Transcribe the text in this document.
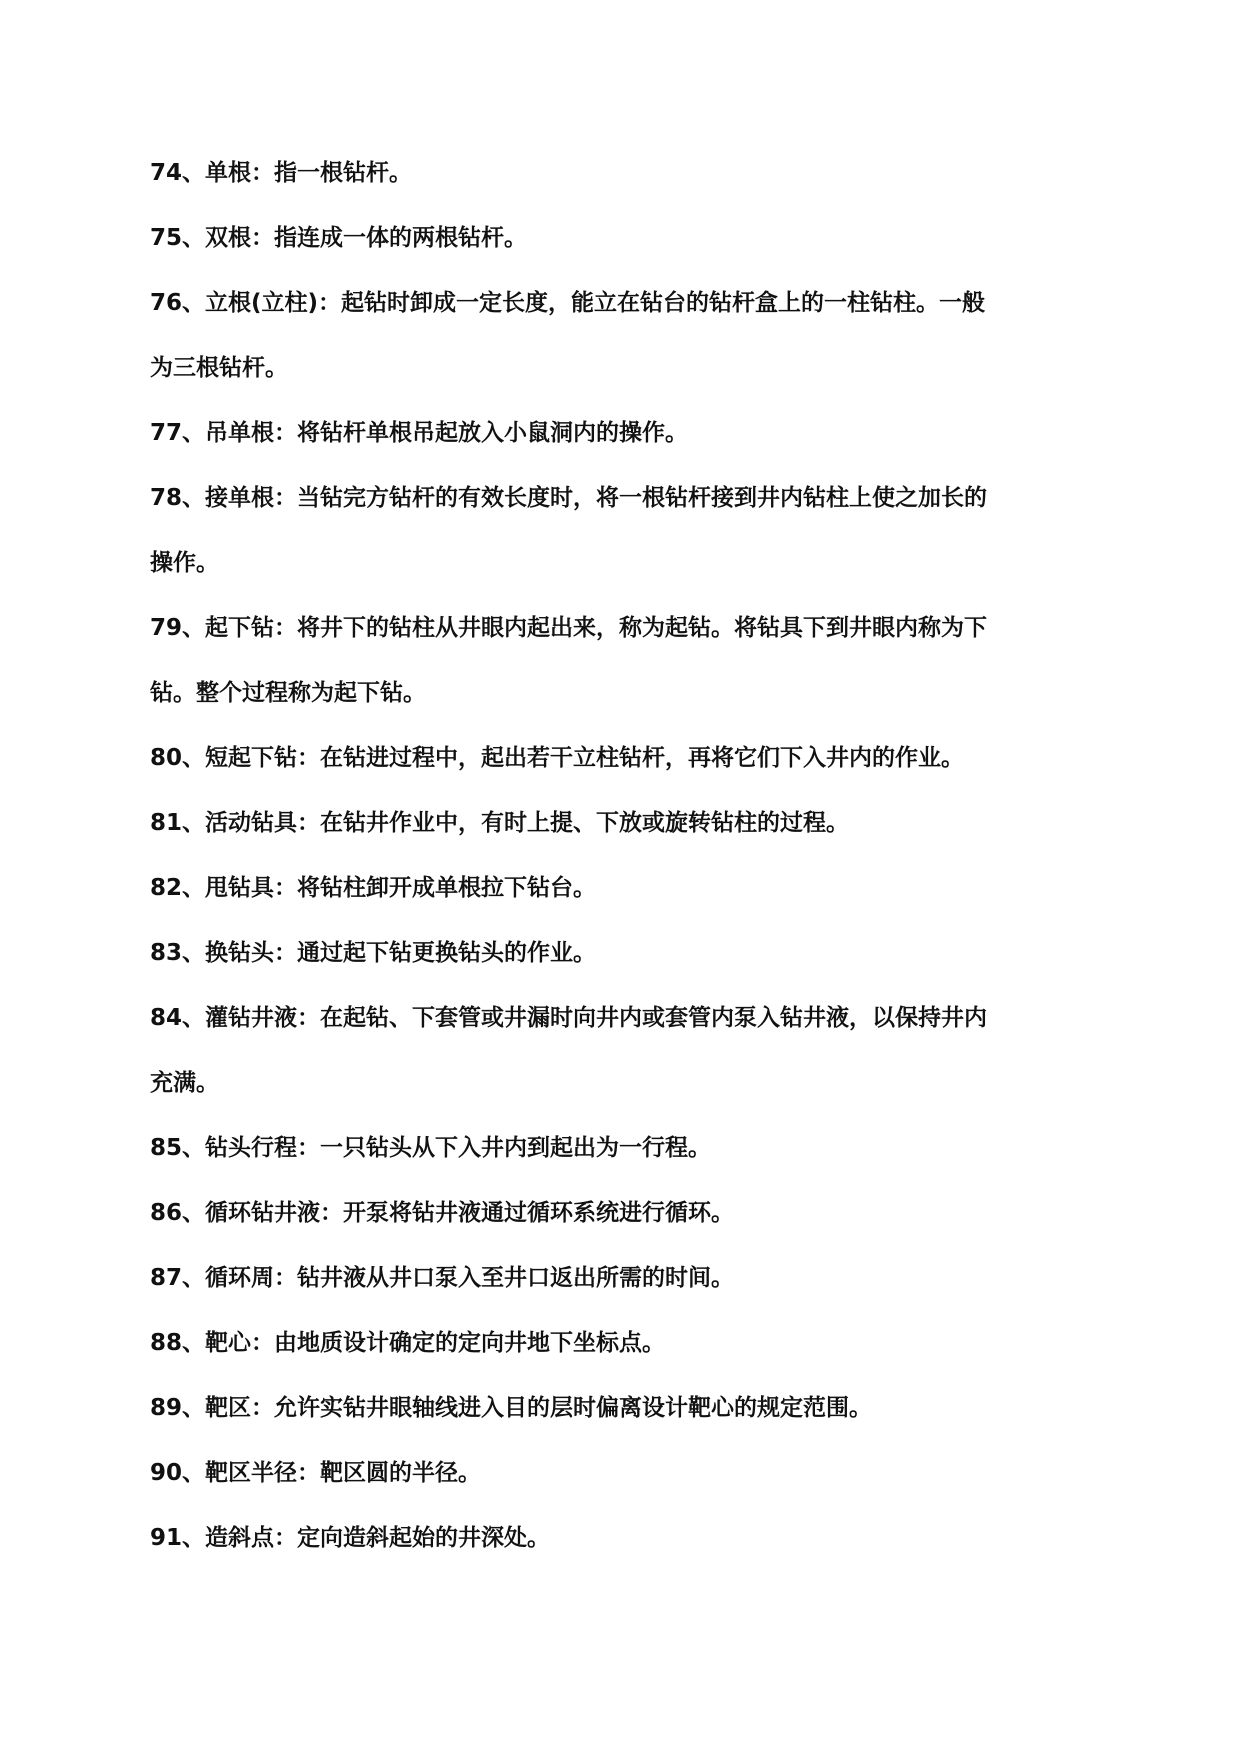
74、单根：指一根钻杆。
75、双根：指连成一体的两根钻杆。
76、立根(立柱)：起钻时卸成一定长度，能立在钻台的钻杆盒上的一柱钻柱。一般
为三根钻杆。
77、吊单根：将钻杆单根吊起放入小鼠洞内的操作。
78、接单根：当钻完方钻杆的有效长度时，将一根钻杆接到井内钻柱上使之加长的
操作。
79、起下钻：将井下的钻柱从井眼内起出来，称为起钻。将钻具下到井眼内称为下
钻。整个过程称为起下钻。
80、短起下钻：在钻进过程中，起出若干立柱钻杆，再将它们下入井内的作业。
81、活动钻具：在钻井作业中，有时上提、下放或旋转钻柱的过程。
82、甩钻具：将钻柱卸开成单根拉下钻台。
83、换钻头：通过起下钻更换钻头的作业。
84、灌钻井液：在起钻、下套管或井漏时向井内或套管内泵入钻井液，以保持井内
充满。
85、钻头行程：一只钻头从下入井内到起出为一行程。
86、循环钻井液：开泵将钻井液通过循环系统进行循环。
87、循环周：钻井液从井口泵入至井口返出所需的时间。
88、靶心：由地质设计确定的定向井地下坐标点。
89、靶区：允许实钻井眼轴线进入目的层时偏离设计靶心的规定范围。
90、靶区半径：靶区圆的半径。
91、造斜点：定向造斜起始的井深处。
